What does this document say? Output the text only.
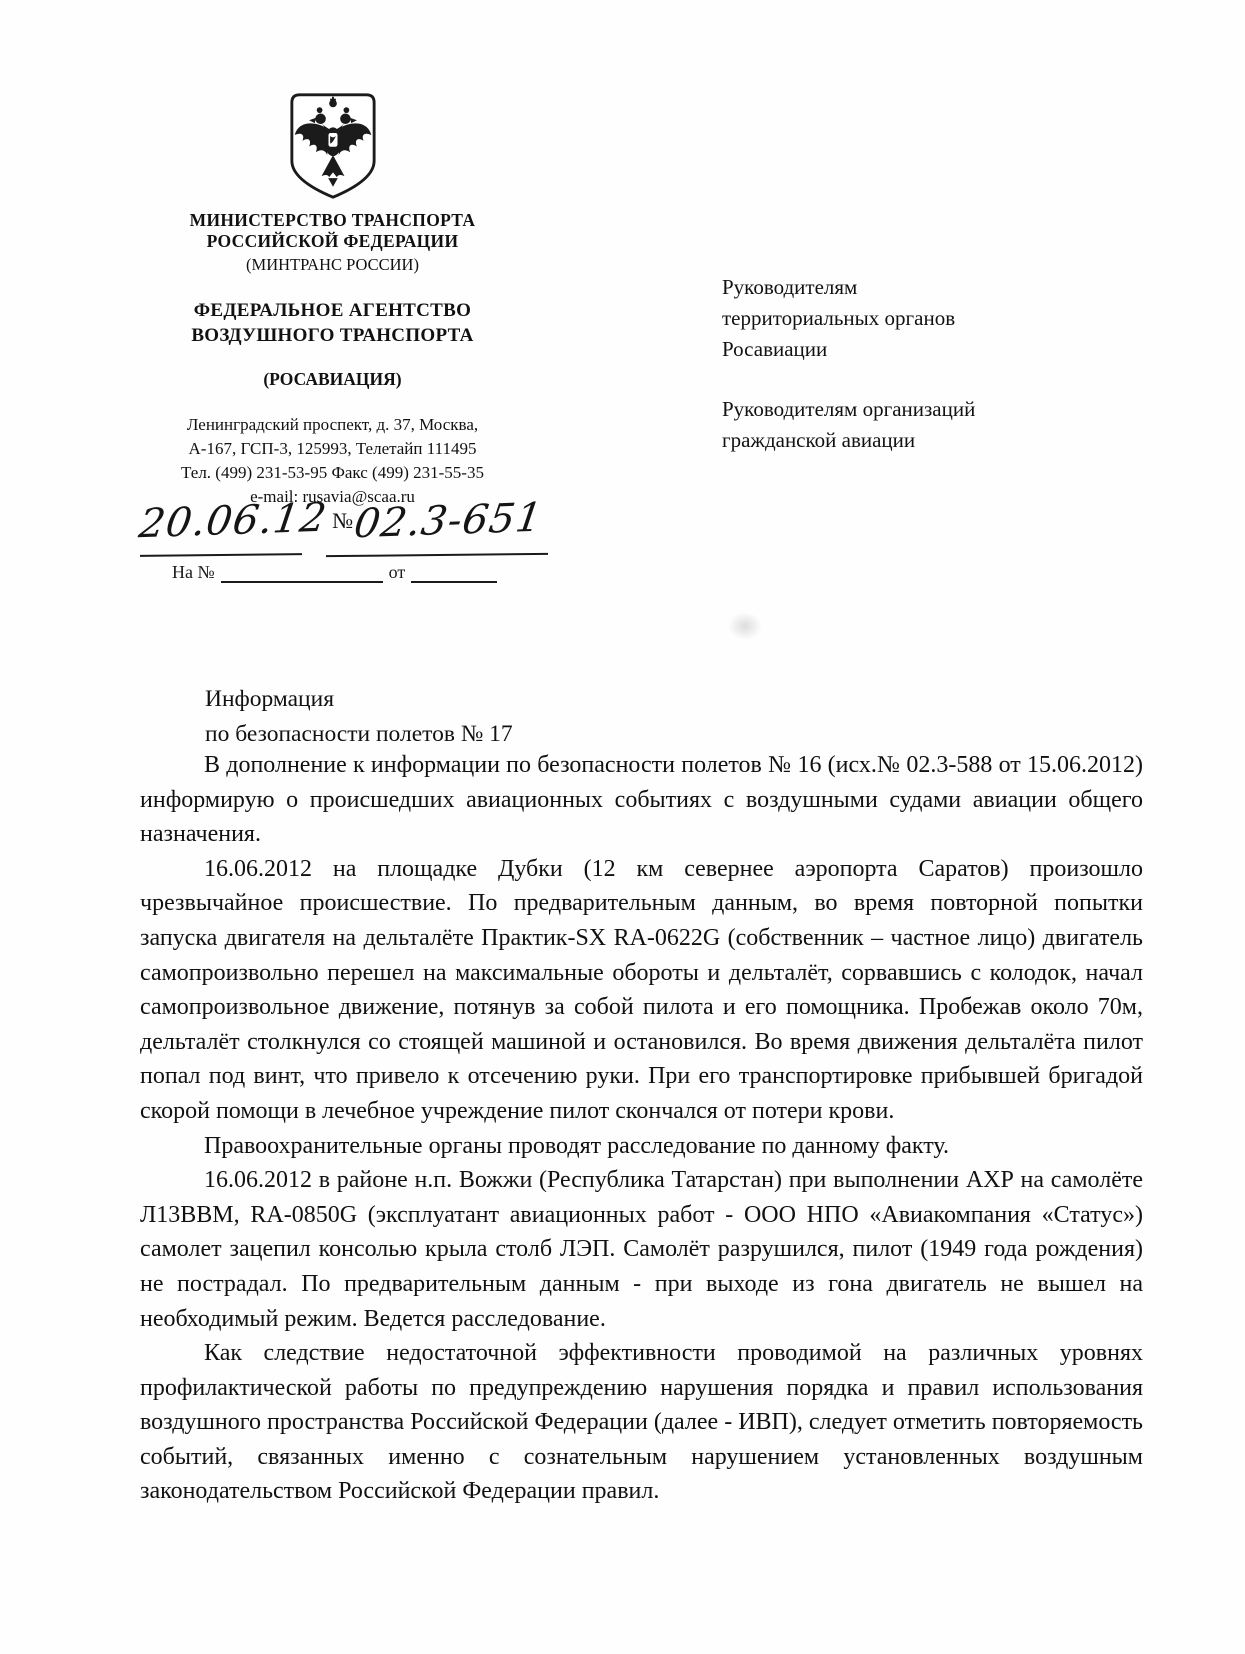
МИНИСТЕРСТВО ТРАНСПОРТА
РОССИЙСКОЙ ФЕДЕРАЦИИ
(МИНТРАНС РОССИИ)
ФЕДЕРАЛЬНОЕ АГЕНТСТВО
ВОЗДУШНОГО ТРАНСПОРТА
(РОСАВИАЦИЯ)
Ленинградский проспект, д. 37, Москва,
А-167, ГСП-3, 125993, Телетайп 111495
Тел. (499) 231-53-95 Факс (499) 231-55-35
e-mail: rusavia@scaa.ru
20.06.12 №02.3-651
На №	от
Руководителям
территориальных органов
Росавиации
Руководителям организаций
гражданской авиации
Информация
по безопасности полетов № 17

В дополнение к информации по безопасности полетов № 16 (исх.№ 02.3-588 от 15.06.2012) информирую о происшедших авиационных событиях с воздушными судами авиации общего назначения.

16.06.2012 на площадке Дубки (12 км севернее аэропорта Саратов) произошло чрезвычайное происшествие. По предварительным данным, во время повторной попытки запуска двигателя на дельталёте Практик-SX RA-0622G (собственник – частное лицо) двигатель самопроизвольно перешел на максимальные обороты и дельталёт, сорвавшись с колодок, начал самопроизвольное движение, потянув за собой пилота и его помощника. Пробежав около 70м, дельталёт столкнулся со стоящей машиной и остановился. Во время движения дельталёта пилот попал под винт, что привело к отсечению руки. При его транспортировке прибывшей бригадой скорой помощи в лечебное учреждение пилот скончался от потери крови.

Правоохранительные органы проводят расследование по данному факту.

16.06.2012 в районе н.п. Вожжи (Республика Татарстан) при выполнении АХР на самолёте Л13ВВМ, RA-0850G (эксплуатант авиационных работ - ООО НПО «Авиакомпания «Статус») самолет зацепил консолью крыла столб ЛЭП. Самолёт разрушился, пилот (1949 года рождения) не пострадал. По предварительным данным - при выходе из гона двигатель не вышел на необходимый режим. Ведется расследование.

Как следствие недостаточной эффективности проводимой на различных уровнях профилактической работы по предупреждению нарушения порядка и правил использования воздушного пространства Российской Федерации (далее - ИВП), следует отметить повторяемость событий, связанных именно с сознательным нарушением установленных воздушным законодательством Российской Федерации правил.
